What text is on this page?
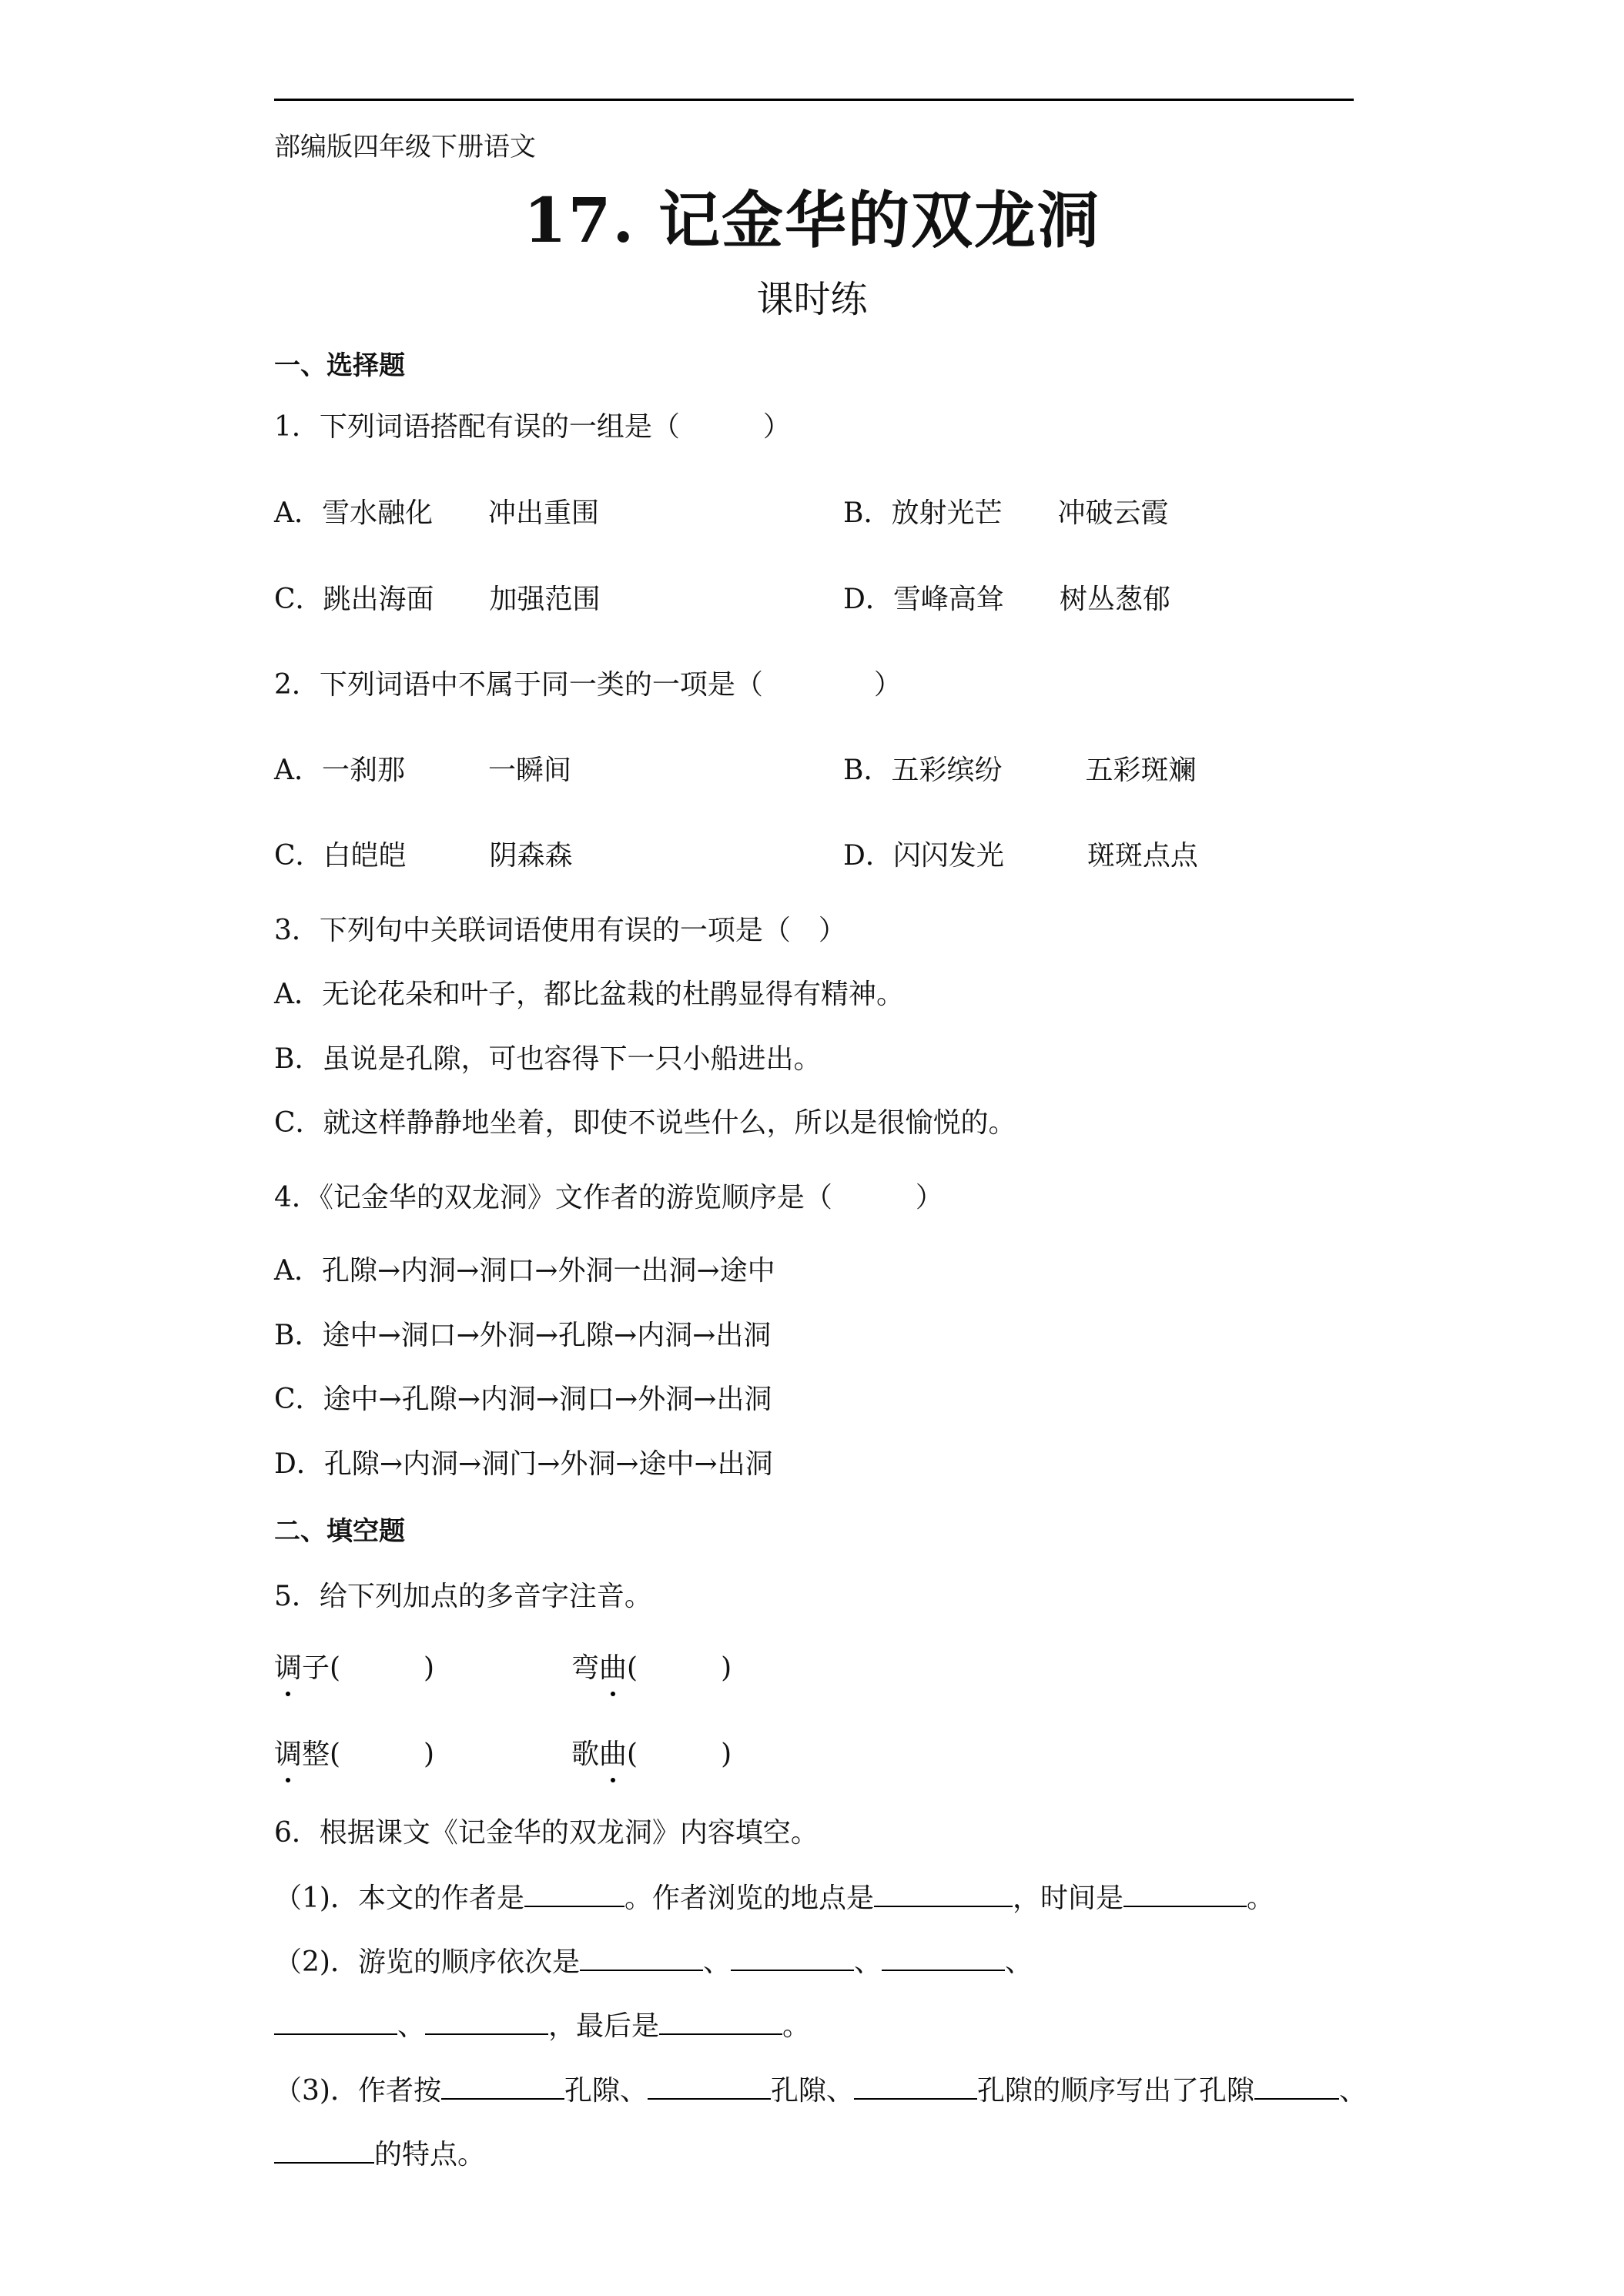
部编版四年级下册语文
17. 记金华的双龙洞
课时练
一、选择题
1．下列词语搭配有误的一组是（　　　）
A．雪水融化　　冲出重围	B．放射光芒　　冲破云霞
C．跳出海面　　加强范围	D．雪峰高耸　　树丛葱郁
2．下列词语中不属于同一类的一项是（　　　　）
A．一刹那　　　一瞬间	B．五彩缤纷　　　五彩斑斓
C．白皑皑　　　阴森森	D．闪闪发光　　　斑斑点点
3．下列句中关联词语使用有误的一项是（　）
A．无论花朵和叶子，都比盆栽的杜鹃显得有精神。
B．虽说是孔隙，可也容得下一只小船进出。
C．就这样静静地坐着，即使不说些什么，所以是很愉悦的。
4．《记金华的双龙洞》文作者的游览顺序是（　　　）
A．孔隙→内洞→洞口→外洞一出洞→途中
B．途中→洞口→外洞→孔隙→内洞→出洞
C．途中→孔隙→内洞→洞口→外洞→出洞
D．孔隙→内洞→洞门→外洞→途中→出洞
二、填空题
5．给下列加点的多音字注音。
调子(　　　)	弯曲(　　　)
调整(　　　)	歌曲(　　　)
6．根据课文《记金华的双龙洞》内容填空。
（1)．本文的作者是	。作者浏览的地点是	，时间是	。
（2)．游览的顺序依次是	、	、	、
、	，最后是	。
（3)．作者按	孔隙、	孔隙、	孔隙的顺序写出了孔隙	、
的特点。
